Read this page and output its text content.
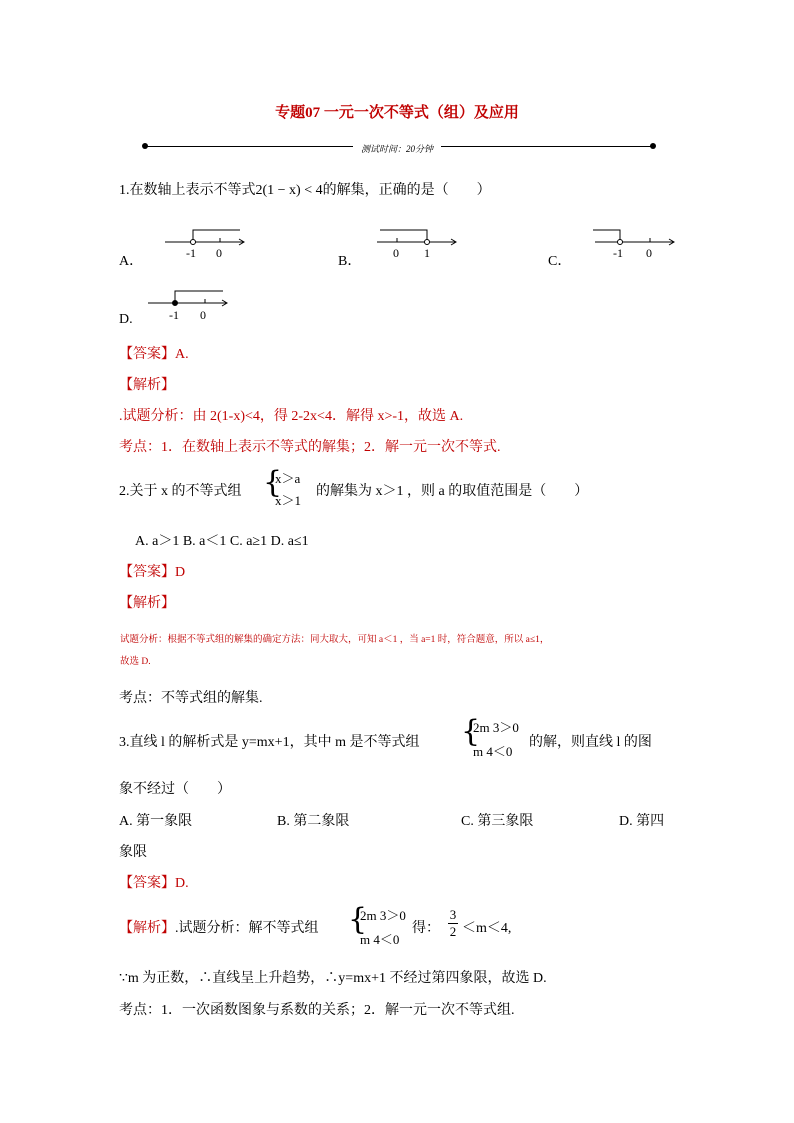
专题07 一元一次不等式（组）及应用
测试时间：20分钟
1.在数轴上表示不等式2(1 − x) < 4的解集，正确的是（　　）
A．
-1 0
B．
0 1
C．
-1 0
D.	-1 0
【答案】A.
【解析】
.试题分析：由 2(1-x)<4，得 2-2x<4．解得 x>-1，故选 A.
考点：1．在数轴上表示不等式的解集；2．解一元一次不等式.
2.关于 x 的不等式组 {
x＞a
x＞1
的解集为 x＞1 ，则 a 的取值范围是（　　）
A. a＞1 B. a＜1 C. a≥1 D. a≤1
【答案】D
【解析】
试题分析：根据不等式组的解集的确定方法：同大取大，可知 a＜1 ，当 a=1 时，符合题意，所以 a≤1，
故选 D.
考点：不等式组的解集.
3.直线 l 的解析式是 y=mx+1，其中 m 是不等式组 {
2m 3＞0
m 4＜0
的解，则直线 l 的图
象不经过（　　）
A. 第一象限	B. 第二象限	C. 第三象限	D. 第四
象限
【答案】D.
【解析】.试题分析：解不等式组 {
2m 3＞0
m 4＜0
得：
3
2 ＜m＜4,
∵m 为正数，∴直线呈上升趋势，∴y=mx+1 不经过第四象限，故选 D.
考点：1．一次函数图象与系数的关系；2．解一元一次不等式组.
